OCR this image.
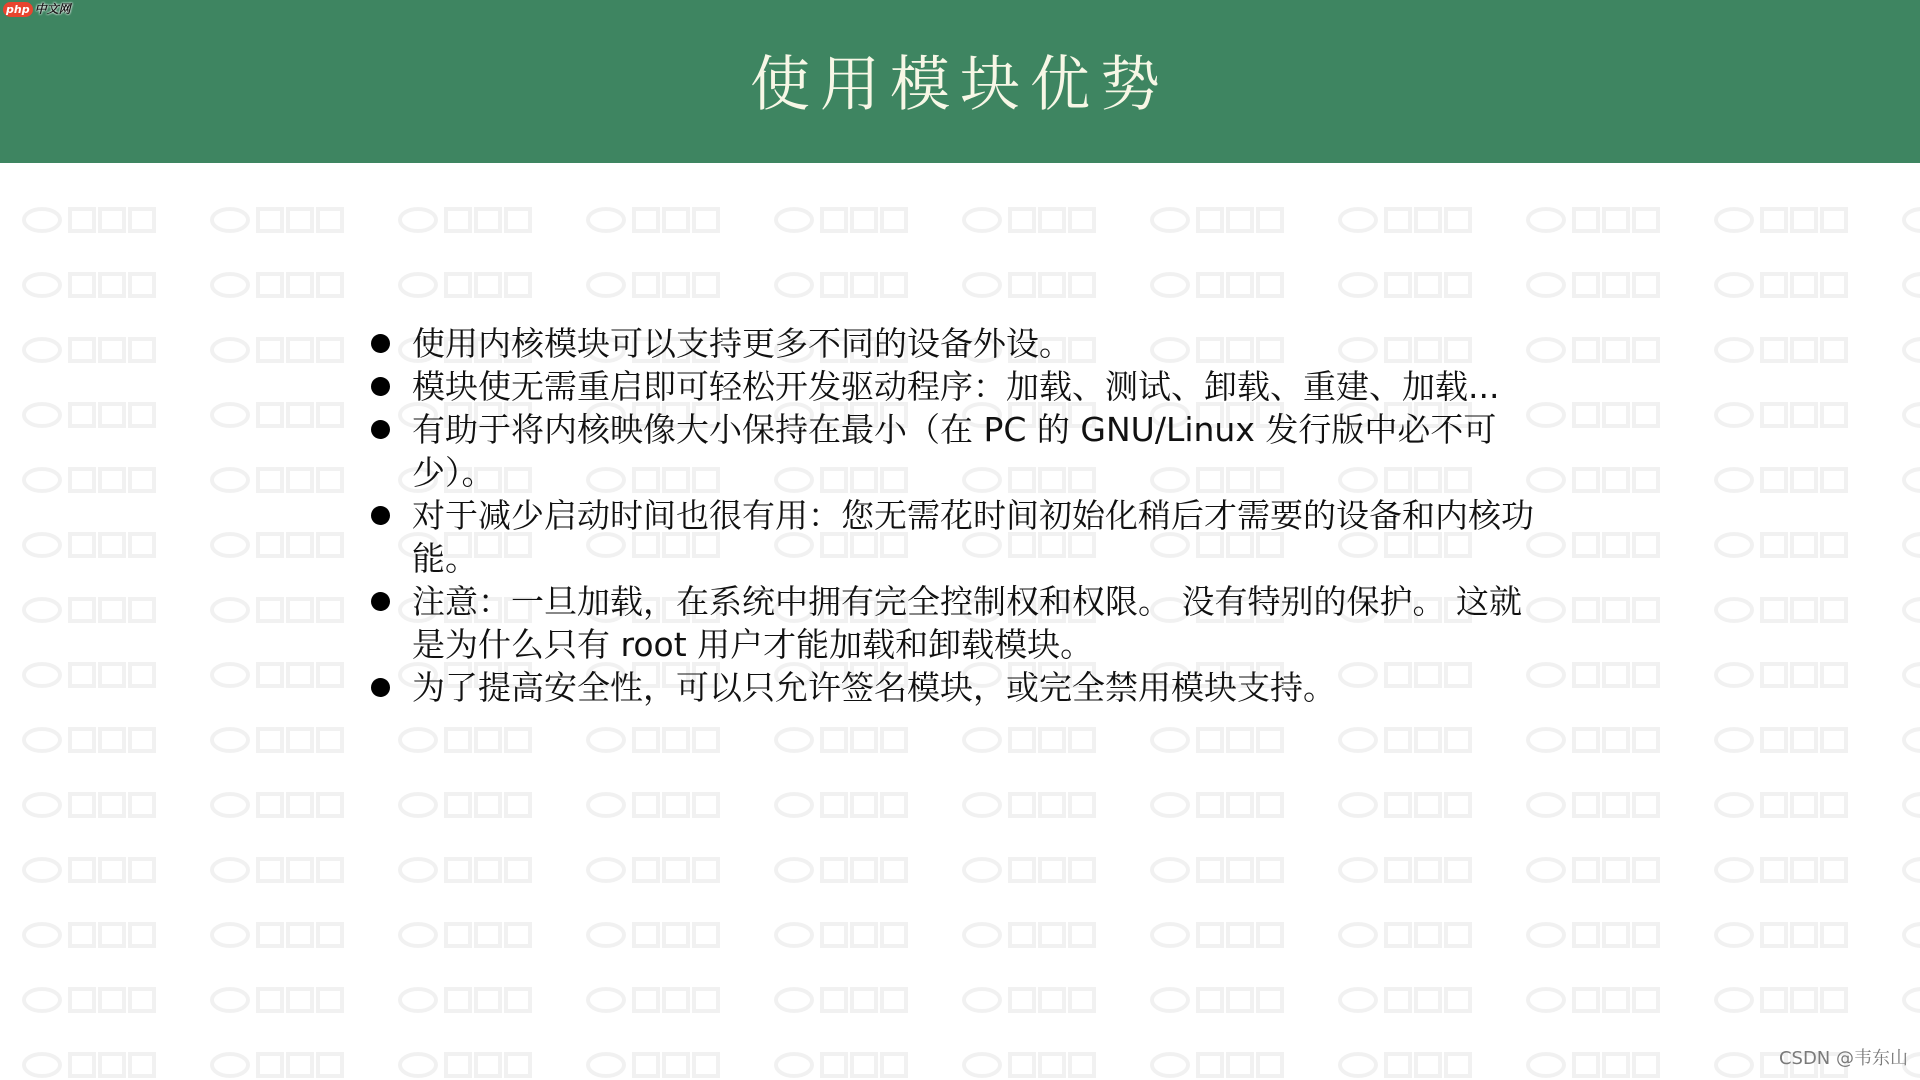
php 中文网
使用模块优势
使用内核模块可以支持更多不同的设备外设。
模块使无需重启即可轻松开发驱动程序：加载、测试、卸载、重建、加载...
有助于将内核映像大小保持在最小（在 PC 的 GNU/Linux 发行版中必不可少）。
对于减少启动时间也很有用：您无需花时间初始化稍后才需要的设备和内核功能。
注意：一旦加载，在系统中拥有完全控制权和权限。 没有特别的保护。 这就是为什么只有 root 用户才能加载和卸载模块。
为了提高安全性，可以只允许签名模块，或完全禁用模块支持。
CSDN @韦东山
